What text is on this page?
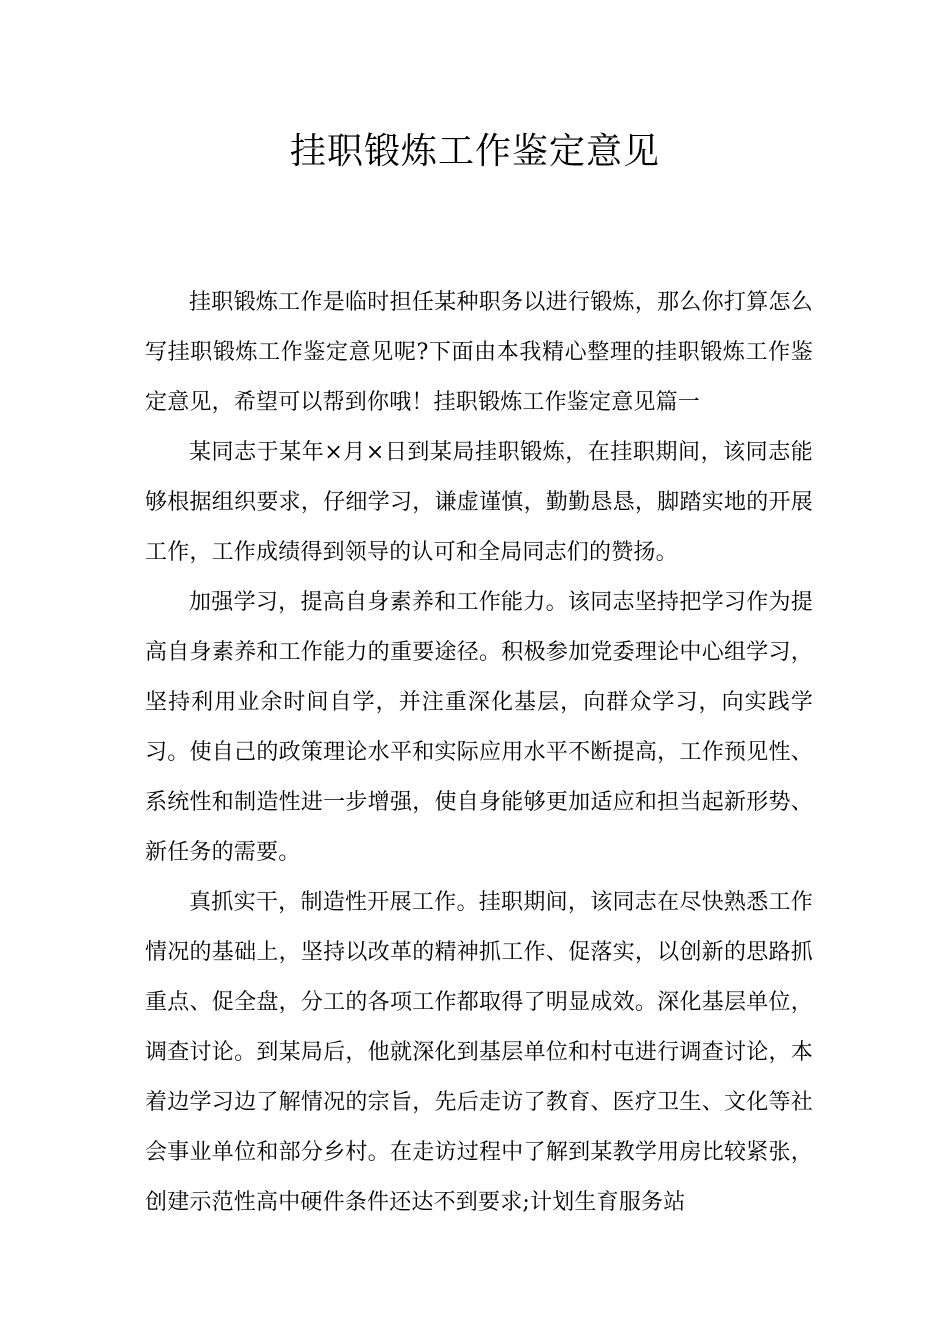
挂职锻炼工作鉴定意见

挂职锻炼工作是临时担任某种职务以进行锻炼，那么你打算怎么写挂职锻炼工作鉴定意见呢?下面由本我精心整理的挂职锻炼工作鉴定意见，希望可以帮到你哦！挂职锻炼工作鉴定意见篇一

某同志于某年×月×日到某局挂职锻炼，在挂职期间，该同志能够根据组织要求，仔细学习，谦虚谨慎，勤勤恳恳，脚踏实地的开展工作，工作成绩得到领导的认可和全局同志们的赞扬。

加强学习，提高自身素养和工作能力。该同志坚持把学习作为提高自身素养和工作能力的重要途径。积极参加党委理论中心组学习，坚持利用业余时间自学，并注重深化基层，向群众学习，向实践学习。使自己的政策理论水平和实际应用水平不断提高，工作预见性、系统性和制造性进一步增强，使自身能够更加适应和担当起新形势、新任务的需要。

真抓实干，制造性开展工作。挂职期间，该同志在尽快熟悉工作情况的基础上，坚持以改革的精神抓工作、促落实，以创新的思路抓重点、促全盘，分工的各项工作都取得了明显成效。深化基层单位，调查讨论。到某局后，他就深化到基层单位和村屯进行调查讨论，本着边学习边了解情况的宗旨，先后走访了教育、医疗卫生、文化等社会事业单位和部分乡村。在走访过程中了解到某教学用房比较紧张，创建示范性高中硬件条件还达不到要求;计划生育服务站
